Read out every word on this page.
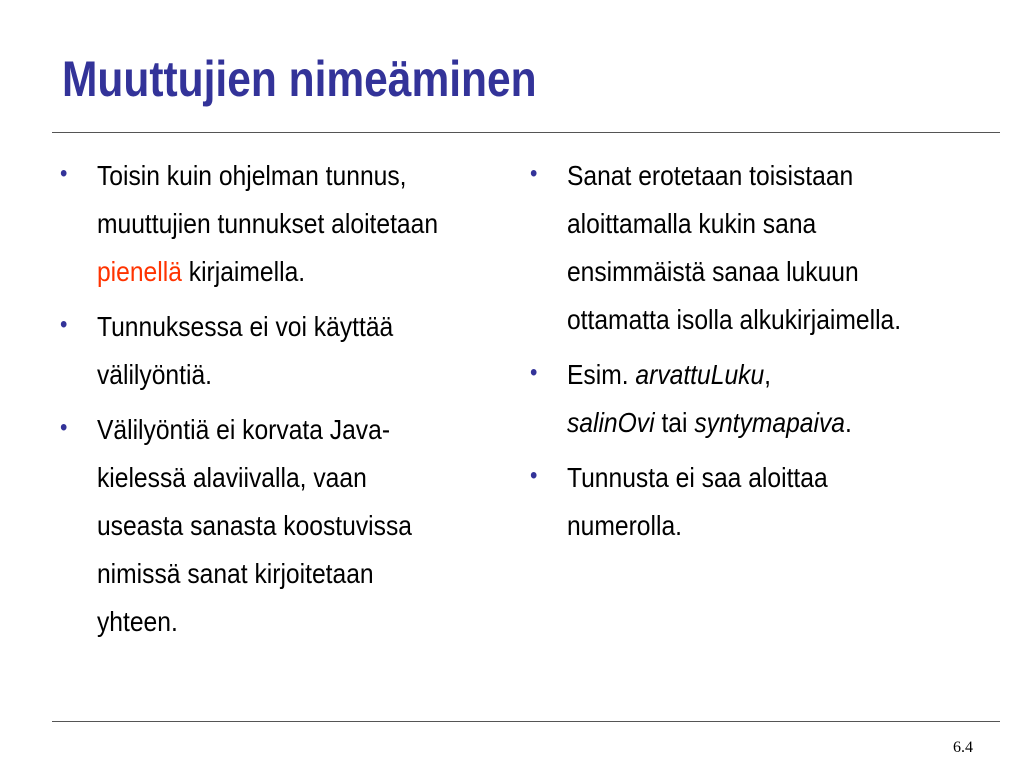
Muuttujien nimeäminen
• Toisin kuin ohjelman tunnus, muuttujien tunnukset aloitetaan pienellä kirjaimella.
• Tunnuksessa ei voi käyttää välilyöntiä.
• Välilyöntiä ei korvata Java-kielessä alaviivalla, vaan useasta sanasta koostuvissa nimissä sanat kirjoitetaan yhteen.
• Sanat erotetaan toisistaan aloittamalla kukin sana ensimmäistä sanaa lukuun ottamatta isolla alkukirjaimella.
• Esim. arvattuLuku,
salinOvi tai syntymapaiva.
• Tunnusta ei saa aloittaa numerolla.
6.4
